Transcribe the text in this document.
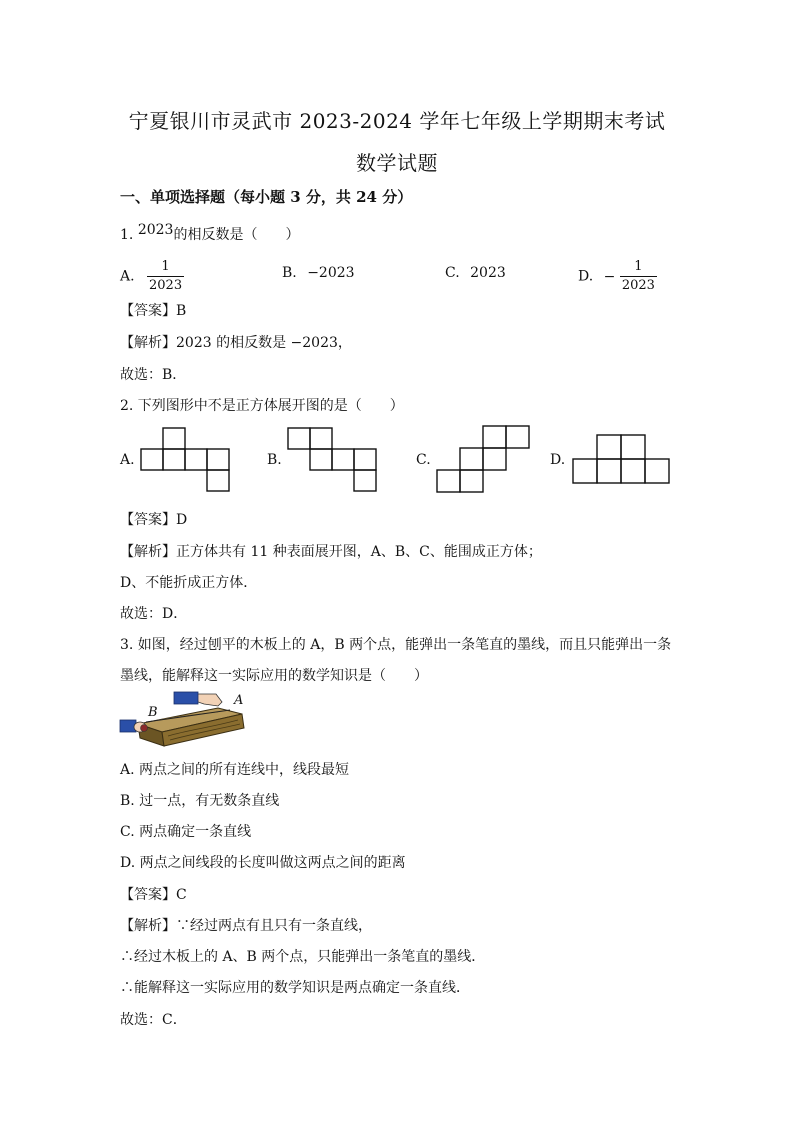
宁夏银川市灵武市 2023-2024 学年七年级上学期期末考试
数学试题
一、单项选择题（每小题 3 分，共 24 分）
1. 2023的相反数是（　　）
A. $\frac{1}{2023}$	B. −2023	C. 2023	D. − $\frac{1}{2023}$
【答案】B
【解析】2023 的相反数是 −2023，
故选：B．
2. 下列图形中不是正方体展开图的是（　　）
A.	B.	C.	D.
【答案】D
【解析】正方体共有 11 种表面展开图，A、B、C、能围成正方体；
D、不能折成正方体．
故选：D．
3. 如图，经过刨平的木板上的 A，B 两个点，能弹出一条笔直的墨线，而且只能弹出一条
墨线，能解释这一实际应用的数学知识是（　　）
B
A
A. 两点之间的所有连线中，线段最短
B. 过一点，有无数条直线
C. 两点确定一条直线
D. 两点之间线段的长度叫做这两点之间的距离
【答案】C
【解析】∵经过两点有且只有一条直线，
∴经过木板上的 A、B 两个点，只能弹出一条笔直的墨线．
∴能解释这一实际应用的数学知识是两点确定一条直线．
故选：C．
